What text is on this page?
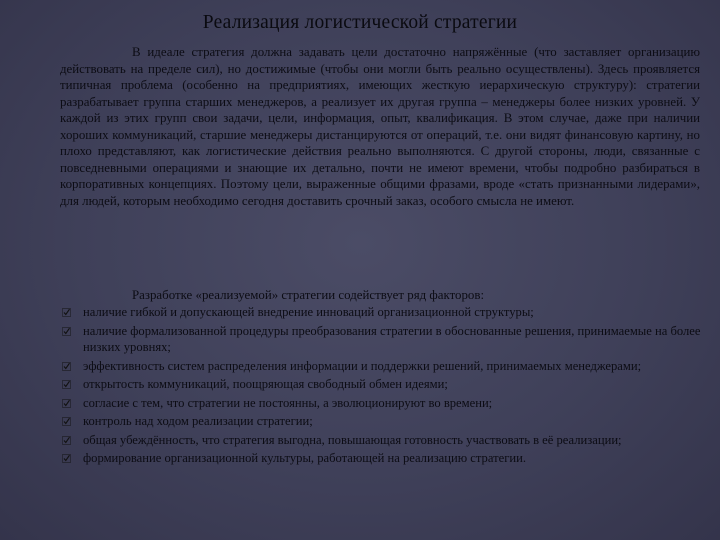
Реализация логистической стратегии

В идеале стратегия должна задавать цели достаточно напряжённые (что заставляет организацию действовать на пределе сил), но достижимые (чтобы они могли быть реально осуществлены). Здесь проявляется типичная проблема (особенно на предприятиях, имеющих жесткую иерархическую структуру): стратегии разрабатывает группа старших менеджеров, а реализует их другая группа – менеджеры более низких уровней. У каждой из этих групп свои задачи, цели, информация, опыт, квалификация. В этом случае, даже при наличии хороших коммуникаций, старшие менеджеры дистанцируются от операций, т.е. они видят финансовую картину, но плохо представляют, как логистические действия реально выполняются. С другой стороны, люди, связанные с повседневными операциями и знающие их детально, почти не имеют времени, чтобы подробно разбираться в корпоративных концепциях. Поэтому цели, выраженные общими фразами, вроде «стать признанными лидерами», для людей, которым необходимо сегодня доставить срочный заказ, особого смысла не имеют.

Разработке «реализуемой» стратегии содействует ряд факторов:

наличие гибкой и допускающей внедрение инноваций организационной структуры;
наличие формализованной процедуры преобразования стратегии в обоснованные решения, принимаемые на более низких уровнях;
эффективность систем распределения информации и поддержки решений, принимаемых менеджерами;
открытость коммуникаций, поощряющая свободный обмен идеями;
согласие с тем, что стратегии не постоянны, а эволюционируют во времени;
контроль над ходом реализации стратегии;
общая убеждённость, что стратегия выгодна, повышающая готовность участвовать в её реализации;
формирование организационной культуры, работающей на реализацию стратегии.
